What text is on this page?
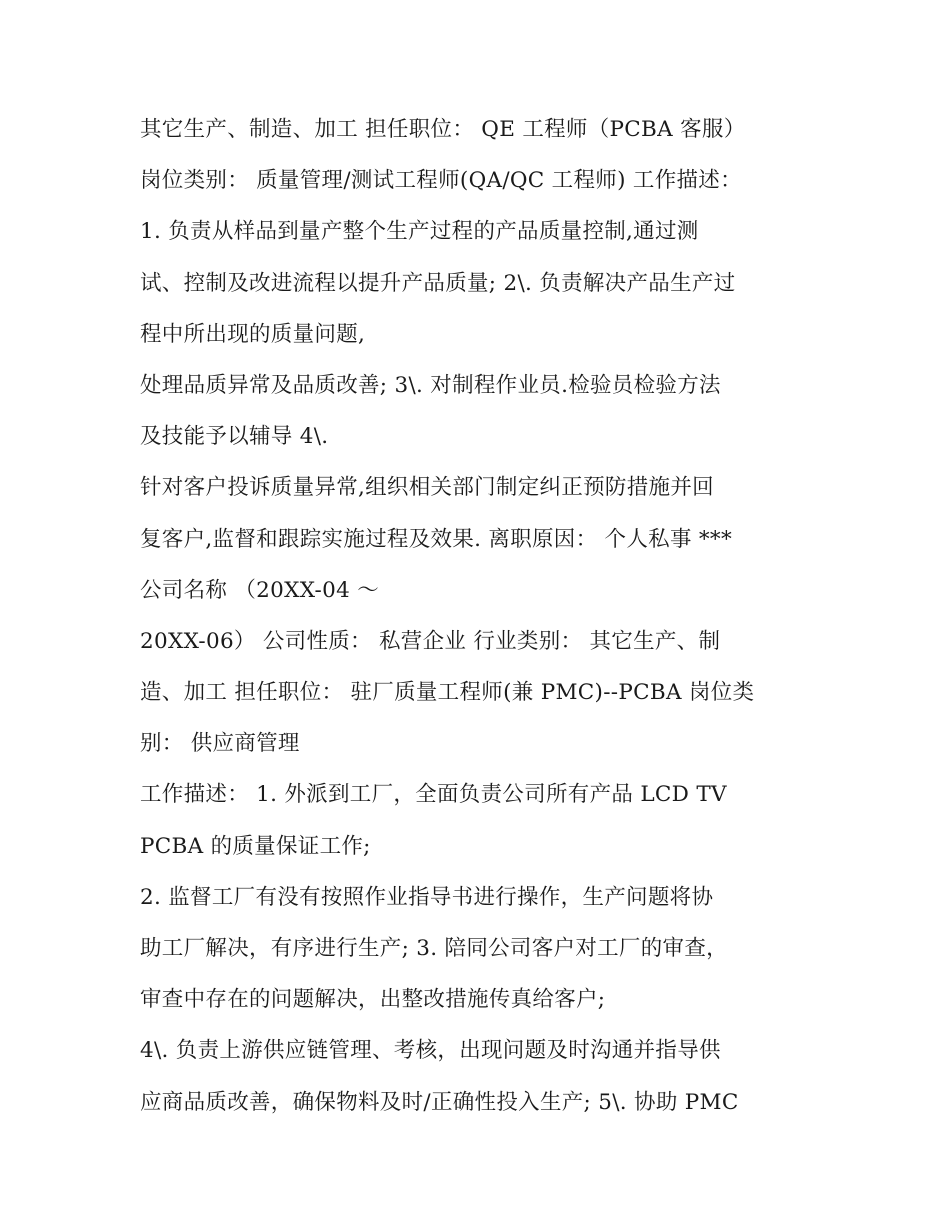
其它生产、制造、加工 担任职位： QE 工程师（PCBA 客服）
岗位类别： 质量管理/测试工程师(QA/QC 工程师) 工作描述：
1. 负责从样品到量产整个生产过程的产品质量控制,通过测
试、控制及改进流程以提升产品质量; 2\. 负责解决产品生产过
程中所出现的质量问题,
处理品质异常及品质改善; 3\. 对制程作业员.检验员检验方法
及技能予以辅导 4\.
针对客户投诉质量异常,组织相关部门制定纠正预防措施并回
复客户,监督和跟踪实施过程及效果. 离职原因： 个人私事 ***
公司名称 （20XX-04 ～
20XX-06） 公司性质： 私营企业 行业类别： 其它生产、制
造、加工 担任职位： 驻厂质量工程师(兼 PMC)--PCBA 岗位类
别： 供应商管理
工作描述： 1. 外派到工厂，全面负责公司所有产品 LCD TV
PCBA 的质量保证工作;
2. 监督工厂有没有按照作业指导书进行操作，生产问题将协
助工厂解决，有序进行生产; 3. 陪同公司客户对工厂的审查，
审查中存在的问题解决，出整改措施传真给客户;
4\. 负责上游供应链管理、考核，出现问题及时沟通并指导供
应商品质改善，确保物料及时/正确性投入生产; 5\. 协助 PMC
